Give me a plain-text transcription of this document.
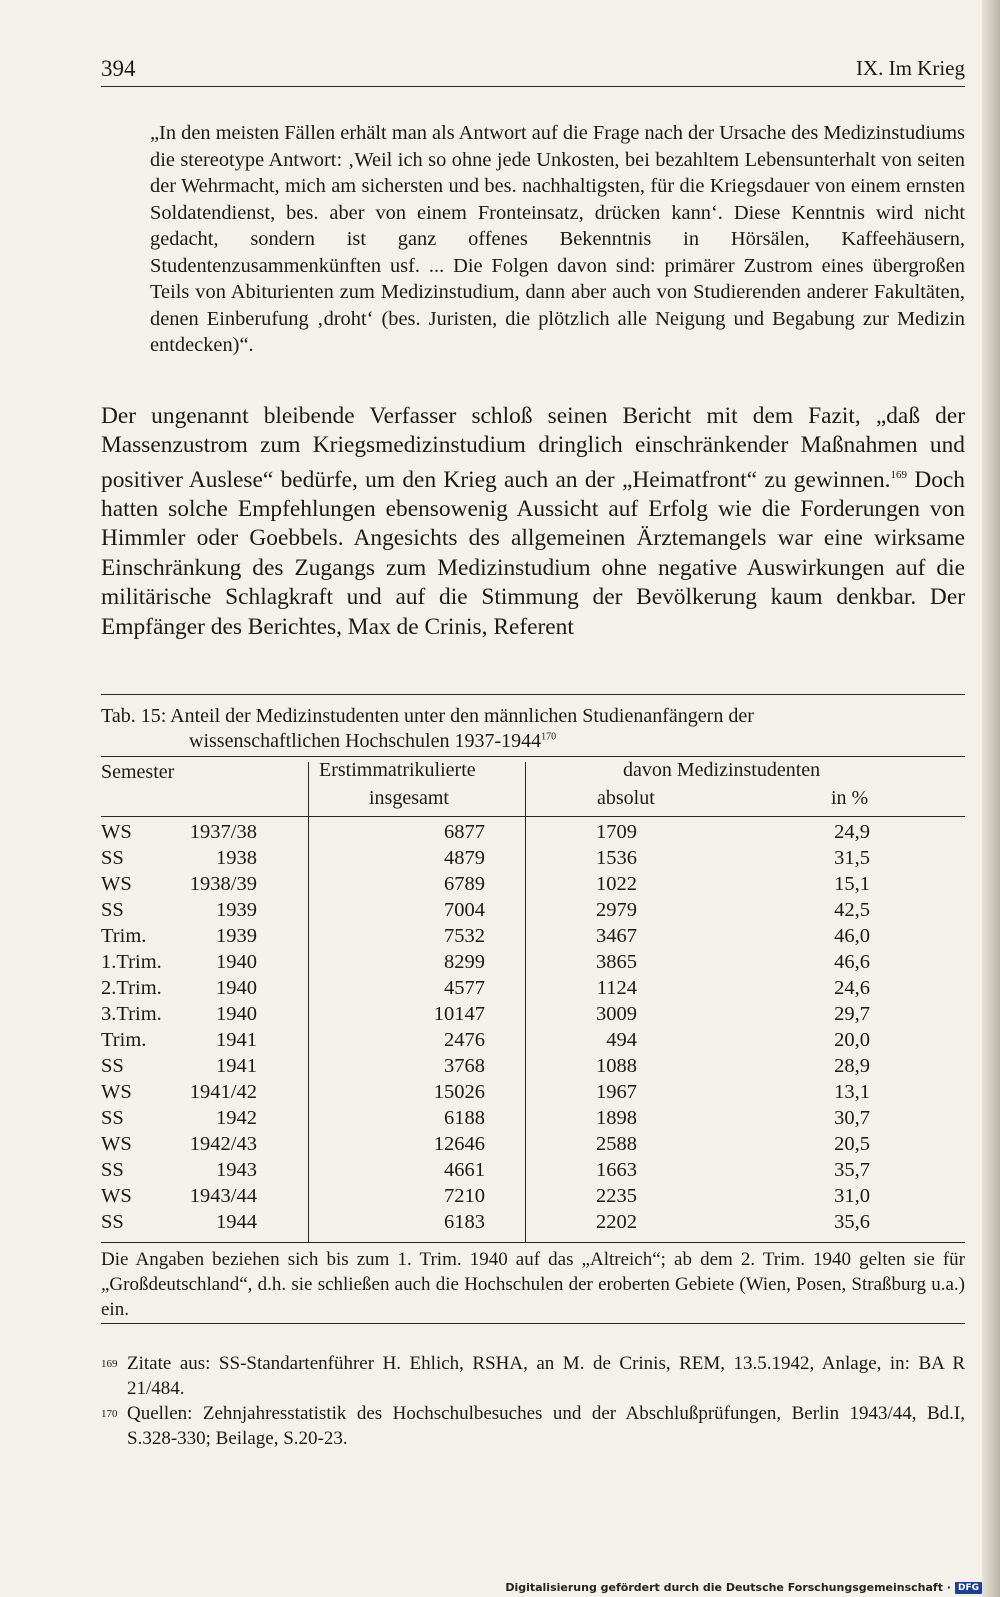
394	IX. Im Krieg
„In den meisten Fällen erhält man als Antwort auf die Frage nach der Ursache des Medizinstudiums die stereotype Antwort: ‚Weil ich so ohne jede Unkosten, bei bezahltem Lebensunterhalt von seiten der Wehrmacht, mich am sichersten und bes. nachhaltigsten, für die Kriegsdauer von einem ernsten Soldatendienst, bes. aber von einem Fronteinsatz, drücken kann‘. Diese Kenntnis wird nicht gedacht, sondern ist ganz offenes Bekenntnis in Hörsälen, Kaffeehäusern, Studentenzusammenkünften usf. ... Die Folgen davon sind: primärer Zustrom eines übergroßen Teils von Abiturienten zum Medizinstudium, dann aber auch von Studierenden anderer Fakultäten, denen Einberufung ‚droht‘ (bes. Juristen, die plötzlich alle Neigung und Begabung zur Medizin entdecken)“.
Der ungenannt bleibende Verfasser schloß seinen Bericht mit dem Fazit, „daß der Massenzustrom zum Kriegsmedizinstudium dringlich einschränkender Maßnahmen und positiver Auslese“ bedürfe, um den Krieg auch an der „Heimatfront“ zu gewinnen.$^{169}$ Doch hatten solche Empfehlungen ebensowenig Aussicht auf Erfolg wie die Forderungen von Himmler oder Goebbels. Angesichts des allgemeinen Ärztemangels war eine wirksame Einschränkung des Zugangs zum Medizinstudium ohne negative Auswirkungen auf die militärische Schlagkraft und auf die Stimmung der Bevölkerung kaum denkbar. Der Empfänger des Berichtes, Max de Crinis, Referent
Tab. 15: Anteil der Medizinstudenten unter den männlichen Studienanfängern der
wissenschaftlichen Hochschulen 1937-1944$^{170}$
Semester	Erstimmatrikulierte
insgesamt
davon Medizinstudenten
absolut	in %
WS	1937/38	6877	1709	24,9
SS	1938	4879	1536	31,5
WS	1938/39	6789	1022	15,1
SS	1939	7004	2979	42,5
Trim.	1939	7532	3467	46,0
1.Trim.	1940	8299	3865	46,6
2.Trim.	1940	4577	1124	24,6
3.Trim.	1940	10147	3009	29,7
Trim.	1941	2476	494	20,0
SS	1941	3768	1088	28,9
WS	1941/42	15026	1967	13,1
SS	1942	6188	1898	30,7
WS	1942/43	12646	2588	20,5
SS	1943	4661	1663	35,7
WS	1943/44	7210	2235	31,0
SS	1944	6183	2202	35,6
Die Angaben beziehen sich bis zum 1. Trim. 1940 auf das „Altreich“; ab dem 2. Trim. 1940 gelten sie für „Großdeutschland“, d.h. sie schließen auch die Hochschulen der eroberten Gebiete (Wien, Posen, Straßburg u.a.) ein.
169 Zitate aus: SS-Standartenführer H. Ehlich, RSHA, an M. de Crinis, REM, 13.5.1942, Anlage, in: BA R 21/484.
170 Quellen: Zehnjahresstatistik des Hochschulbesuches und der Abschlußprüfungen, Berlin 1943/44, Bd.I, S.328-330; Beilage, S.20-23.
Digitalisierung gefördert durch die Deutsche Forschungsgemeinschaft · DFG
